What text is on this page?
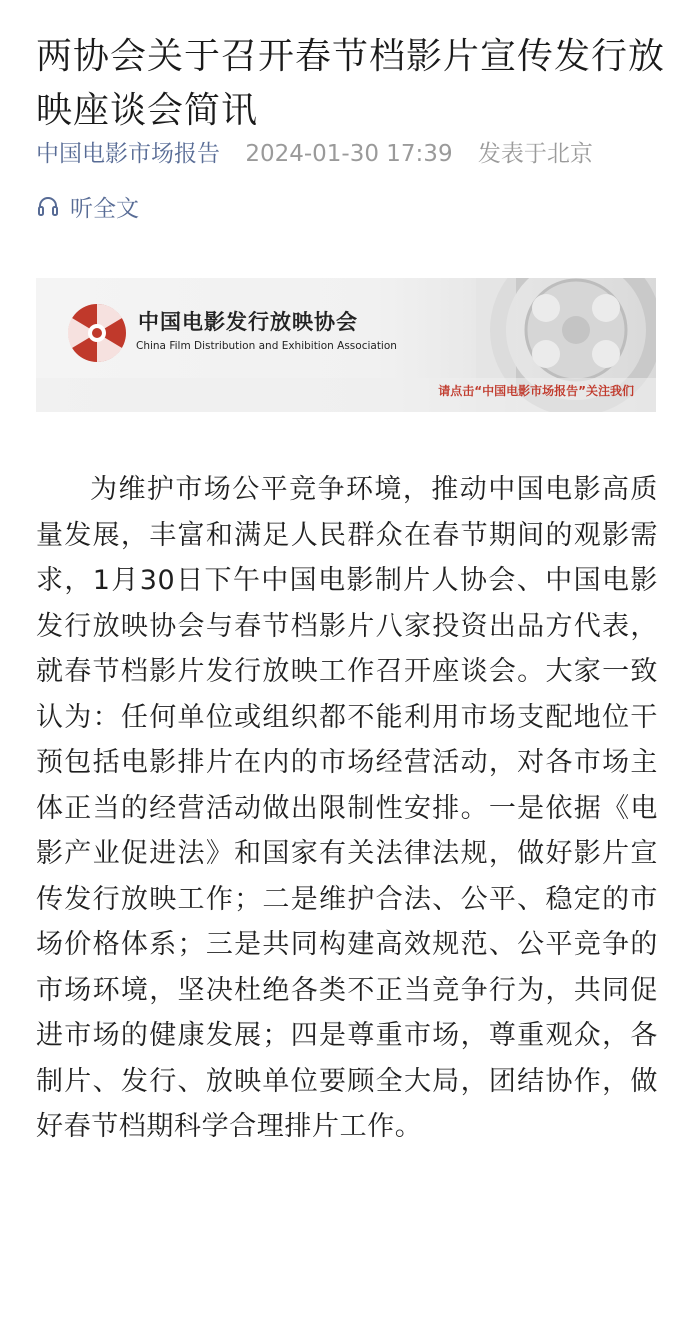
两协会关于召开春节档影片宣传发行放映座谈会简讯
中国电影市场报告 2024-01-30 17:39 发表于北京
听全文
中国电影发行放映协会
China Film Distribution and Exhibition Association
请点击“中国电影市场报告”关注我们

为维护市场公平竞争环境，推动中国电影高质量发展，丰富和满足人民群众在春节期间的观影需求，1月30日下午中国电影制片人协会、中国电影发行放映协会与春节档影片八家投资出品方代表，就春节档影片发行放映工作召开座谈会。大家一致认为：任何单位或组织都不能利用市场支配地位干预包括电影排片在内的市场经营活动，对各市场主体正当的经营活动做出限制性安排。一是依据《电影产业促进法》和国家有关法律法规，做好影片宣传发行放映工作；二是维护合法、公平、稳定的市场价格体系；三是共同构建高效规范、公平竞争的市场环境，坚决杜绝各类不正当竞争行为，共同促进市场的健康发展；四是尊重市场，尊重观众，各制片、发行、放映单位要顾全大局，团结协作，做好春节档期科学合理排片工作。
